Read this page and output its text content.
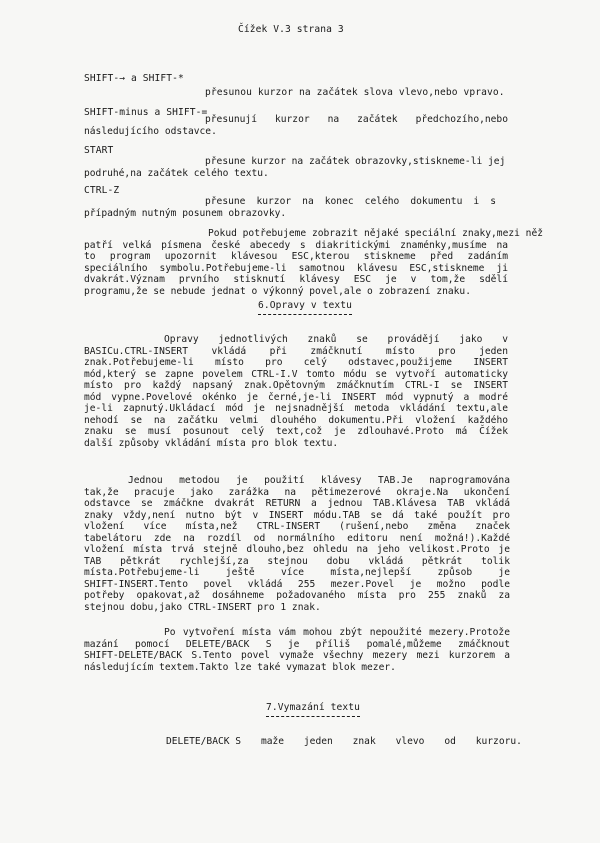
Čížek V.3 strana 3
SHIFT-→ a SHIFT-*
přesunou kurzor na začátek slova vlevo,nebo vpravo.
SHIFT-minus a SHIFT-=
přesunují kurzor na začátek předchozího,nebo
následujícího odstavce.
START
přesune kurzor na začátek obrazovky,stiskneme-li jej
podruhé,na začátek celého textu.
CTRL-Z
přesune kurzor na konec celého dokumentu i s
případným nutným posunem obrazovky.
Pokud potřebujeme zobrazit nějaké speciální znaky,mezi něž
patří velká písmena české abecedy s diakritickými znaménky,musíme na
to program upozornit klávesou ESC,kterou stiskneme před zadáním
speciálního symbolu.Potřebujeme-li samotnou klávesu ESC,stiskneme ji
dvakrát.Význam prvního stisknutí klávesy ESC je v tom,že sdělí
programu,že se nebude jednat o výkonný povel,ale o zobrazení znaku.
6.Opravy v textu
Opravy jednotlivých znaků se provádějí jako v
BASICu.CTRL-INSERT vkládá při zmáčknutí místo pro jeden
znak.Potřebujeme-li místo pro celý odstavec,použijeme INSERT
mód,který se zapne povelem CTRL-I.V tomto módu se vytvoří automaticky
místo pro každý napsaný znak.Opětovným zmáčknutím CTRL-I se INSERT
mód vypne.Povelové okénko je černé,je-li INSERT mód vypnutý a modré
je-li zapnutý.Ukládací mód je nejsnadnější metoda vkládání textu,ale
nehodí se na začátku velmi dlouhého dokumentu.Při vložení každého
znaku se musí posunout celý text,což je zdlouhavé.Proto má Čížek
další způsoby vkládání místa pro blok textu.
Jednou metodou je použití klávesy TAB.Je naprogramována
tak,že pracuje jako zarážka na pětimezerové okraje.Na ukončení
odstavce se zmáčkne dvakrát RETURN a jednou TAB.Klávesa TAB vkládá
znaky vždy,není nutno být v INSERT módu.TAB se dá také použít pro
vložení více místa,než CTRL-INSERT (rušení,nebo změna značek
tabelátoru zde na rozdíl od normálního editoru není možná!).Každé
vložení místa trvá stejně dlouho,bez ohledu na jeho velikost.Proto je
TAB pětkrát rychlejší,za stejnou dobu vkládá pětkrát tolik
místa.Potřebujeme-li ještě více místa,nejlepší způsob je
SHIFT-INSERT.Tento povel vkládá 255 mezer.Povel je možno podle
potřeby opakovat,až dosáhneme požadovaného místa pro 255 znaků za
stejnou dobu,jako CTRL-INSERT pro 1 znak.
Po vytvoření místa vám mohou zbýt nepoužité mezery.Protože
mazání pomocí DELETE/BACK S je příliš pomalé,můžeme zmáčknout
SHIFT-DELETE/BACK S.Tento povel vymaže všechny mezery mezi kurzorem a
následujícím textem.Takto lze také vymazat blok mezer.
7.Vymazání textu
DELETE/BACK S maže jeden znak vlevo od kurzoru.
